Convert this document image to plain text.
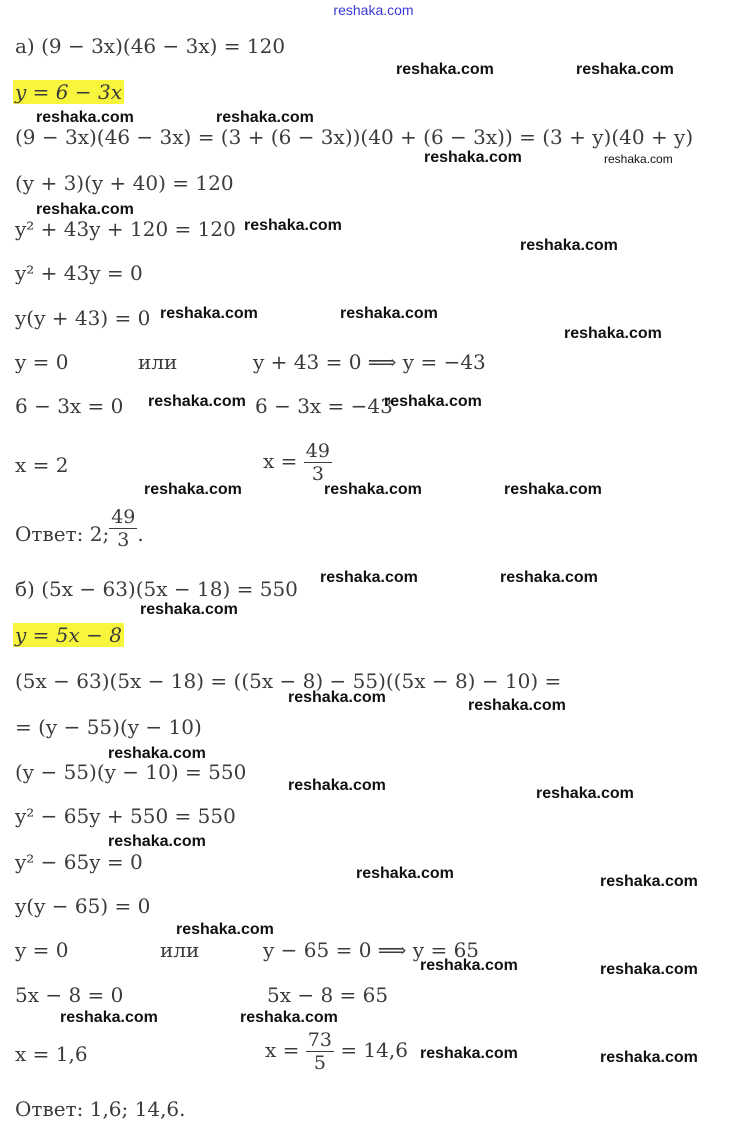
reshaka.com
а) (9 − 3x)(46 − 3x) = 120
y = 6 − 3x
(9 − 3x)(46 − 3x) = (3 + (6 − 3x))(40 + (6 − 3x)) = (3 + y)(40 + y)
(y + 3)(y + 40) = 120
y² + 43y + 120 = 120
y² + 43y = 0
y(y + 43) = 0
y = 0	или	y + 43 = 0 ⟹ y = −43
6 − 3x = 0	6 − 3x = −43
x = 2	$x = \frac{49}{3}$
Ответ: 2; $\frac{49}{3}$ .
б) (5x − 63)(5x − 18) = 550
y = 5x − 8
(5x − 63)(5x − 18) = ((5x − 8) − 55)((5x − 8) − 10) =
= (y − 55)(y − 10)
(y − 55)(y − 10) = 550
y² − 65y + 550 = 550
y² − 65y = 0
y(y − 65) = 0
y = 0	или	y − 65 = 0 ⟹ y = 65
5x − 8 = 0	5x − 8 = 65
x = 1,6	$x = \frac{73}{5} = 14,6$
Ответ: 1,6; 14,6.
reshaka.com	reshaka.com
reshaka.com	reshaka.com
reshaka.com	reshaka.com
reshaka.com
reshaka.com
reshaka.com
reshaka.com	reshaka.com
reshaka.com
reshaka.com	reshaka.com
reshaka.com	reshaka.com	reshaka.com
reshaka.com	reshaka.com
reshaka.com
reshaka.com	reshaka.com
reshaka.com
reshaka.com	reshaka.com
reshaka.com
reshaka.com	reshaka.com
reshaka.com
reshaka.com	reshaka.com
reshaka.com	reshaka.com
reshaka.com	reshaka.com
